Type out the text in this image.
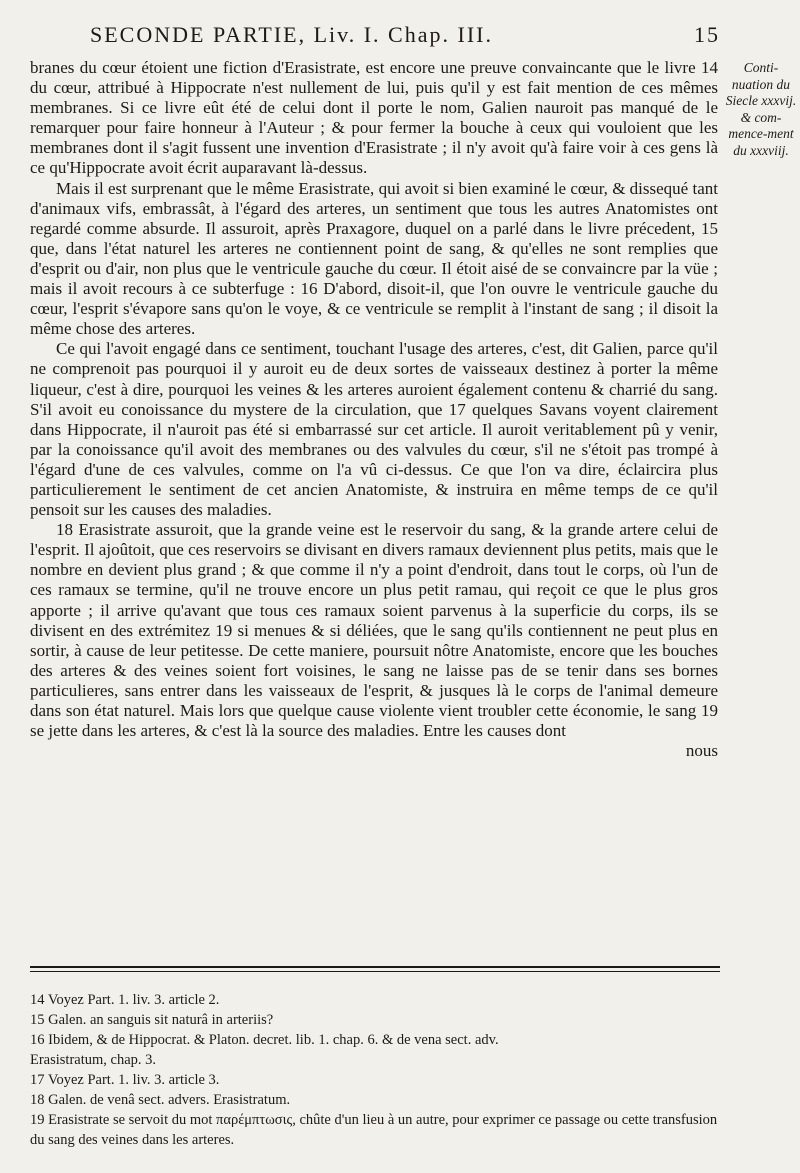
SECONDE PARTIE, Liv. I. Chap. III.	15
Conti-nuation du Siecle xxxvij. & com-mence-ment du xxxviij.

branes du cœur étoient une fiction d'Erasistrate, est encore une preuve convaincante que le livre 14 du cœur, attribué à Hippocrate n'est nullement de lui, puis qu'il y est fait mention de ces mêmes membranes. Si ce livre eût été de celui dont il porte le nom, Galien nauroit pas manqué de le remarquer pour faire honneur à l'Auteur ; & pour fermer la bouche à ceux qui vouloient que les membranes dont il s'agit fussent une invention d'Erasistrate ; il n'y avoit qu'à faire voir à ces gens là ce qu'Hippocrate avoit écrit auparavant là-dessus.

Mais il est surprenant que le même Erasistrate, qui avoit si bien examiné le cœur, & dissequé tant d'animaux vifs, embrassât, à l'égard des arteres, un sentiment que tous les autres Anatomistes ont regardé comme absurde. Il assuroit, après Praxagore, duquel on a parlé dans le livre précedent, 15 que, dans l'état naturel les arteres ne contiennent point de sang, & qu'elles ne sont remplies que d'esprit ou d'air, non plus que le ventricule gauche du cœur. Il étoit aisé de se convaincre par la vüe ; mais il avoit recours à ce subterfuge : 16 D'abord, disoit-il, que l'on ouvre le ventricule gauche du cœur, l'esprit s'évapore sans qu'on le voye, & ce ventricule se remplit à l'instant de sang ; il disoit la même chose des arteres.

Ce qui l'avoit engagé dans ce sentiment, touchant l'usage des arteres, c'est, dit Galien, parce qu'il ne comprenoit pas pourquoi il y auroit eu de deux sortes de vaisseaux destinez à porter la même liqueur, c'est à dire, pourquoi les veines & les arteres auroient également contenu & charrié du sang. S'il avoit eu conoissance du mystere de la circulation, que 17 quelques Savans voyent clairement dans Hippocrate, il n'auroit pas été si embarrassé sur cet article. Il auroit veritablement pû y venir, par la conoissance qu'il avoit des membranes ou des valvules du cœur, s'il ne s'étoit pas trompé à l'égard d'une de ces valvules, comme on l'a vû ci-dessus. Ce que l'on va dire, éclaircira plus particulierement le sentiment de cet ancien Anatomiste, & instruira en même temps de ce qu'il pensoit sur les causes des maladies.

18 Erasistrate assuroit, que la grande veine est le reservoir du sang, & la grande artere celui de l'esprit. Il ajoûtoit, que ces reservoirs se divisant en divers ramaux deviennent plus petits, mais que le nombre en devient plus grand ; & que comme il n'y a point d'endroit, dans tout le corps, où l'un de ces ramaux se termine, qu'il ne trouve encore un plus petit ramau, qui reçoit ce que le plus gros apporte ; il arrive qu'avant que tous ces ramaux soient parvenus à la superficie du corps, ils se divisent en des extrémitez 19 si menues & si déliées, que le sang qu'ils contiennent ne peut plus en sortir, à cause de leur petitesse. De cette maniere, poursuit nôtre Anatomiste, encore que les bouches des arteres & des veines soient fort voisines, le sang ne laisse pas de se tenir dans ses bornes particulieres, sans entrer dans les vaisseaux de l'esprit, & jusques là le corps de l'animal demeure dans son état naturel. Mais lors que quelque cause violente vient troubler cette économie, le sang 19 se jette dans les arteres, & c'est là la source des maladies. Entre les causes dont

nous

14 Voyez Part. 1. liv. 3. article 2.
15 Galen. an sanguis sit naturâ in arteriis?
16 Ibidem, & de Hippocrat. & Platon. decret. lib. 1. chap. 6. & de vena sect. adv.
Erasistratum, chap. 3.
17 Voyez Part. 1. liv. 3. article 3.
18 Galen. de venâ sect. advers. Erasistratum.
19 Erasistrate se servoit du mot παρέμπτωσις, chûte d'un lieu à un autre, pour exprimer ce passage ou cette transfusion du sang des veines dans les arteres.
